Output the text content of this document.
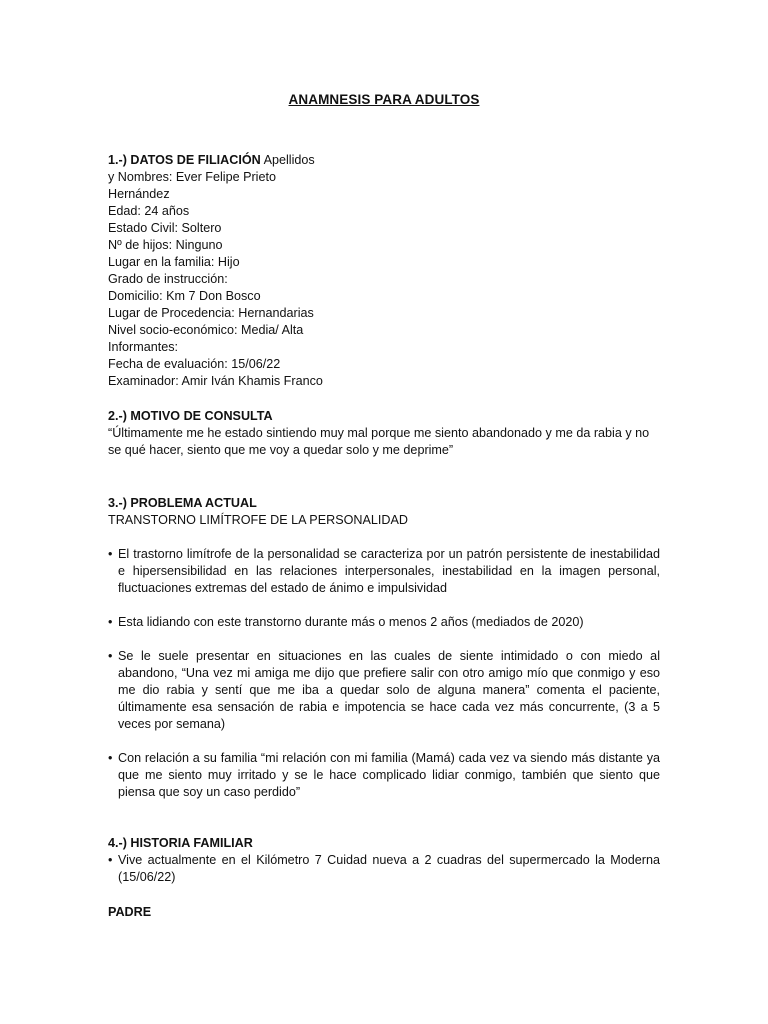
ANAMNESIS PARA ADULTOS
1.-) DATOS DE FILIACIÓN Apellidos
y Nombres: Ever Felipe Prieto
Hernández
Edad: 24 años
Estado Civil: Soltero
Nº de hijos: Ninguno
Lugar en la familia: Hijo
Grado de instrucción:
Domicilio: Km 7 Don Bosco
Lugar de Procedencia: Hernandarias
Nivel socio-económico: Media/ Alta
Informantes:
Fecha de evaluación: 15/06/22
Examinador: Amir Iván Khamis Franco
2.-) MOTIVO DE CONSULTA
“Últimamente me he estado sintiendo muy mal porque me siento abandonado y me da rabia y no se qué hacer, siento que me voy a quedar solo y me deprime”
3.-) PROBLEMA ACTUAL
TRANSTORNO LIMÍTROFE DE LA PERSONALIDAD
• El trastorno limítrofe de la personalidad se caracteriza por un patrón persistente de inestabilidad e hipersensibilidad en las relaciones interpersonales, inestabilidad en la imagen personal, fluctuaciones extremas del estado de ánimo e impulsividad
• Esta lidiando con este transtorno durante más o menos 2 años (mediados de 2020)
• Se le suele presentar en situaciones en las cuales de siente intimidado o con miedo al abandono, “Una vez mi amiga me dijo que prefiere salir con otro amigo mío que conmigo y eso me dio rabia y sentí que me iba a quedar solo de alguna manera” comenta el paciente, últimamente esa sensación de rabia e impotencia se hace cada vez más concurrente, (3 a 5 veces por semana)
• Con relación a su familia “mi relación con mi familia (Mamá) cada vez va siendo más distante ya que me siento muy irritado y se le hace complicado lidiar conmigo, también que siento que piensa que soy un caso perdido”
4.-) HISTORIA FAMILIAR
• Vive actualmente en el Kilómetro 7 Cuidad nueva a 2 cuadras del supermercado la Moderna (15/06/22)
PADRE
